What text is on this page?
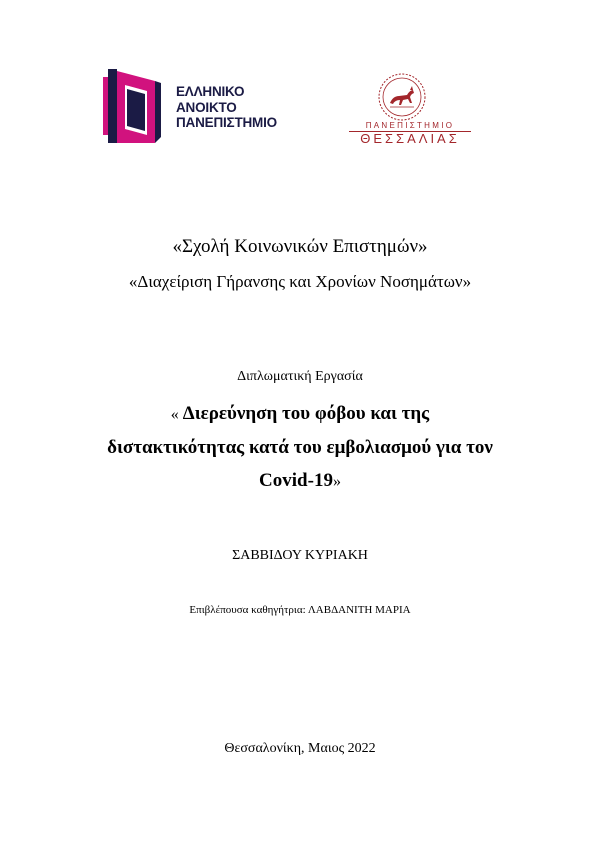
ΕΛΛΗΝΙΚΟ
ΑΝΟΙΚΤΟ
ΠΑΝΕΠΙΣΤΗΜΙΟ	ΠΑΝΕΠΙΣΤΗΜΙΟ
ΘΕΣΣΑΛΙΑΣ
«Σχολή Κοινωνικών Επιστημών»
«Διαχείριση Γήρανσης και Χρονίων Νοσημάτων»
Διπλωματική Εργασία
« Διερεύνηση του φόβου και της
διστακτικότητας κατά του εμβολιασμού για τον
Covid-19»
ΣΑΒΒΙΔΟΥ ΚΥΡΙΑΚΗ
Επιβλέπουσα καθηγήτρια: ΛΑΒΔΑΝΙΤΗ ΜΑΡΙΑ
Θεσσαλονίκη, Μαιος 2022
